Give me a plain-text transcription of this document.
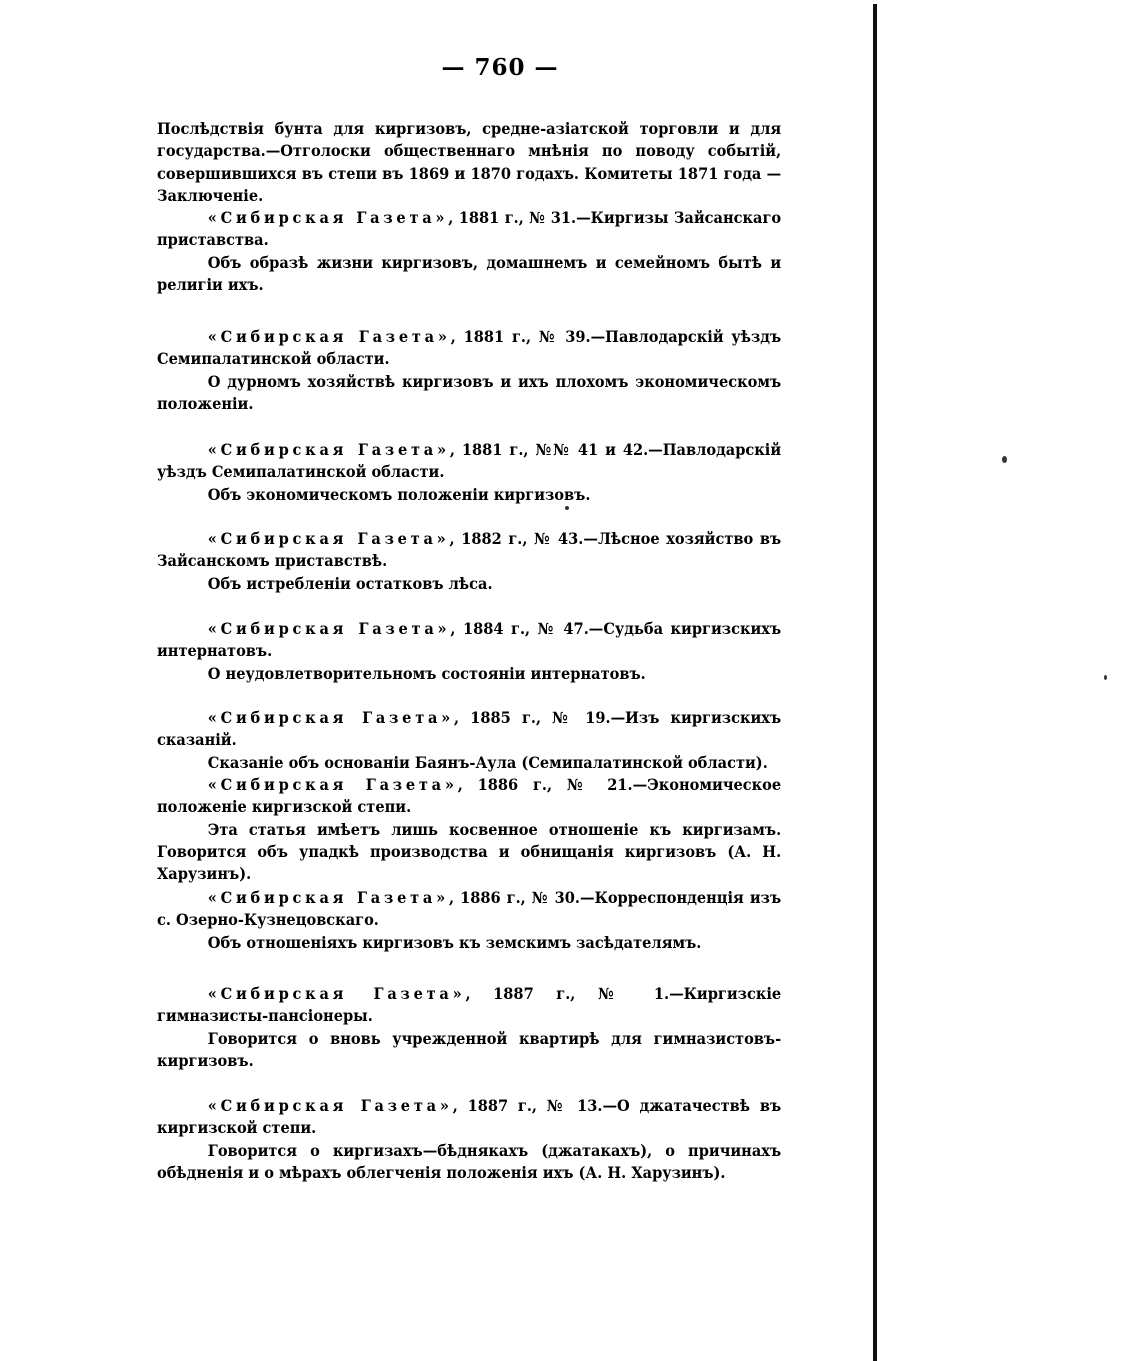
— 760 —
Послѣдствія бунта для киргизовъ, средне-азіатской торговли и для государства.—Отголоски общественнаго мнѣнія по поводу событій, совершившихся въ степи въ 1869 и 1870 годахъ. Комитеты 1871 года —Заключеніе.

«Сибирская Газета», 1881 г., № 31.—Киргизы Зайсанскаго приставства.

Объ образѣ жизни киргизовъ, домашнемъ и семейномъ бытѣ и религіи ихъ.

«Сибирская Газета», 1881 г., № 39.—Павлодарскій уѣздъ Семипалатинской области.

О дурномъ хозяйствѣ киргизовъ и ихъ плохомъ экономическомъ положеніи.

«Сибирская Газета», 1881 г., №№ 41 и 42.—Павлодарскій уѣздъ Семипалатинской области.

Объ экономическомъ положеніи киргизовъ.

«Сибирская Газета», 1882 г., № 43.—Лѣсное хозяйство въ Зайсанскомъ приставствѣ.

Объ истребленіи остатковъ лѣса.

«Сибирская Газета», 1884 г., № 47.—Судьба киргизскихъ интернатовъ.

О неудовлетворительномъ состояніи интернатовъ.

«Сибирская Газета», 1885 г., № 19.—Изъ киргизскихъ сказаній.

Сказаніе объ основаніи Баянъ-Аула (Семипалатинской области).

«Сибирская Газета», 1886 г., № 21.—Экономическое положеніе киргизской степи.

Эта статья имѣетъ лишь косвенное отношеніе къ киргизамъ. Говорится объ упадкѣ производства и обнищанія киргизовъ (А. Н. Харузинъ).

«Сибирская Газета», 1886 г., № 30.—Корреспонденція изъ с. Озерно-Кузнецовскаго.

Объ отношеніяхъ киргизовъ къ земскимъ засѣдателямъ.

«Сибирская Газета», 1887 г., № 1.—Киргизскіе гимназисты-пансіонеры.

Говорится о вновь учрежденной квартирѣ для гимназистовъ-киргизовъ.

«Сибирская Газета», 1887 г., № 13.—О джатачествѣ въ киргизской степи.

Говорится о киргизахъ—бѣднякахъ (джатакахъ), о причинахъ обѣдненія и о мѣрахъ облегченія положенія ихъ (А. Н. Харузинъ).
